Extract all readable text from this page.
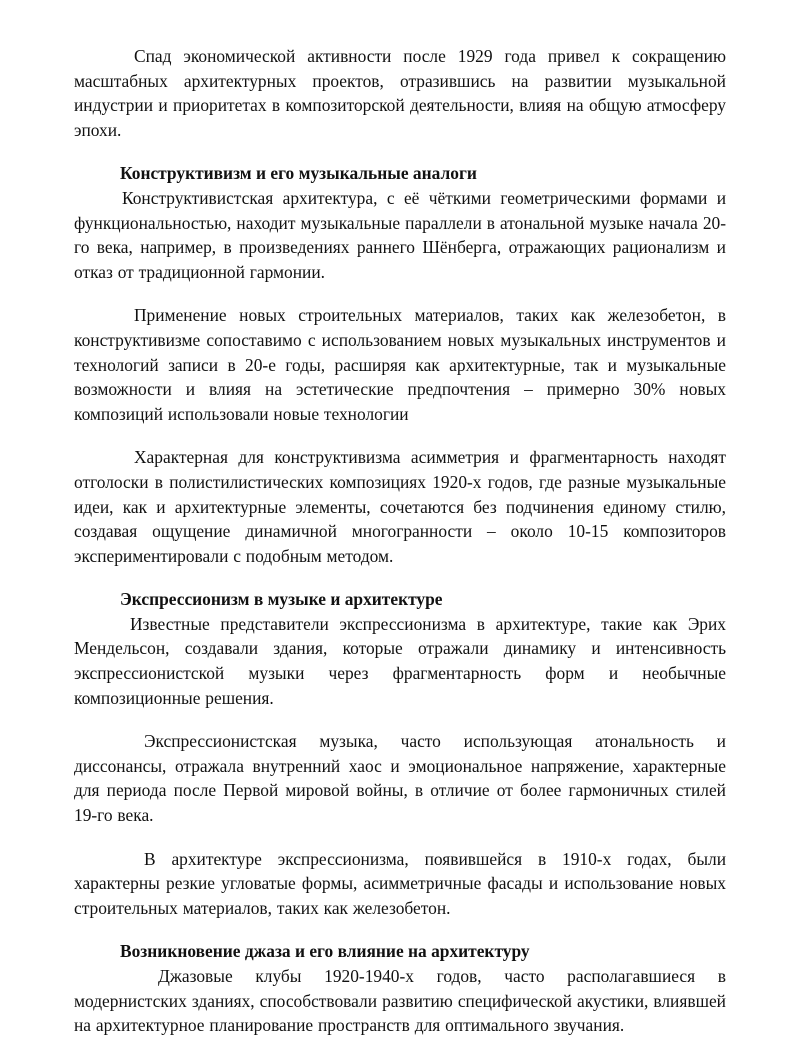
Спад экономической активности после 1929 года привел к сокращению масштабных архитектурных проектов, отразившись на развитии музыкальной индустрии и приоритетах в композиторской деятельности, влияя на общую атмосферу эпохи.

Конструктивизм и его музыкальные аналоги

Конструктивистская архитектура, с её чёткими геометрическими формами и функциональностью, находит музыкальные параллели в атональной музыке начала 20-го века, например, в произведениях раннего Шёнберга, отражающих рационализм и отказ от традиционной гармонии.

Применение новых строительных материалов, таких как железобетон, в конструктивизме сопоставимо с использованием новых музыкальных инструментов и технологий записи в 20-е годы, расширяя как архитектурные, так и музыкальные возможности и влияя на эстетические предпочтения – примерно 30% новых композиций использовали новые технологии

Характерная для конструктивизма асимметрия и фрагментарность находят отголоски в полистилистических композициях 1920-х годов, где разные музыкальные идеи, как и архитектурные элементы, сочетаются без подчинения единому стилю, создавая ощущение динамичной многогранности – около 10-15 композиторов экспериментировали с подобным методом.

Экспрессионизм в музыке и архитектуре

Известные представители экспрессионизма в архитектуре, такие как Эрих Мендельсон, создавали здания, которые отражали динамику и интенсивность экспрессионистской музыки через фрагментарность форм и необычные композиционные решения.

Экспрессионистская музыка, часто использующая атональность и диссонансы, отражала внутренний хаос и эмоциональное напряжение, характерные для периода после Первой мировой войны, в отличие от более гармоничных стилей 19-го века.

В архитектуре экспрессионизма, появившейся в 1910-х годах, были характерны резкие угловатые формы, асимметричные фасады и использование новых строительных материалов, таких как железобетон.

Возникновение джаза и его влияние на архитектуру

Джазовые клубы 1920-1940-х годов, часто располагавшиеся в модернистских зданиях, способствовали развитию специфической акустики, влиявшей на архитектурное планирование пространств для оптимального звучания.
